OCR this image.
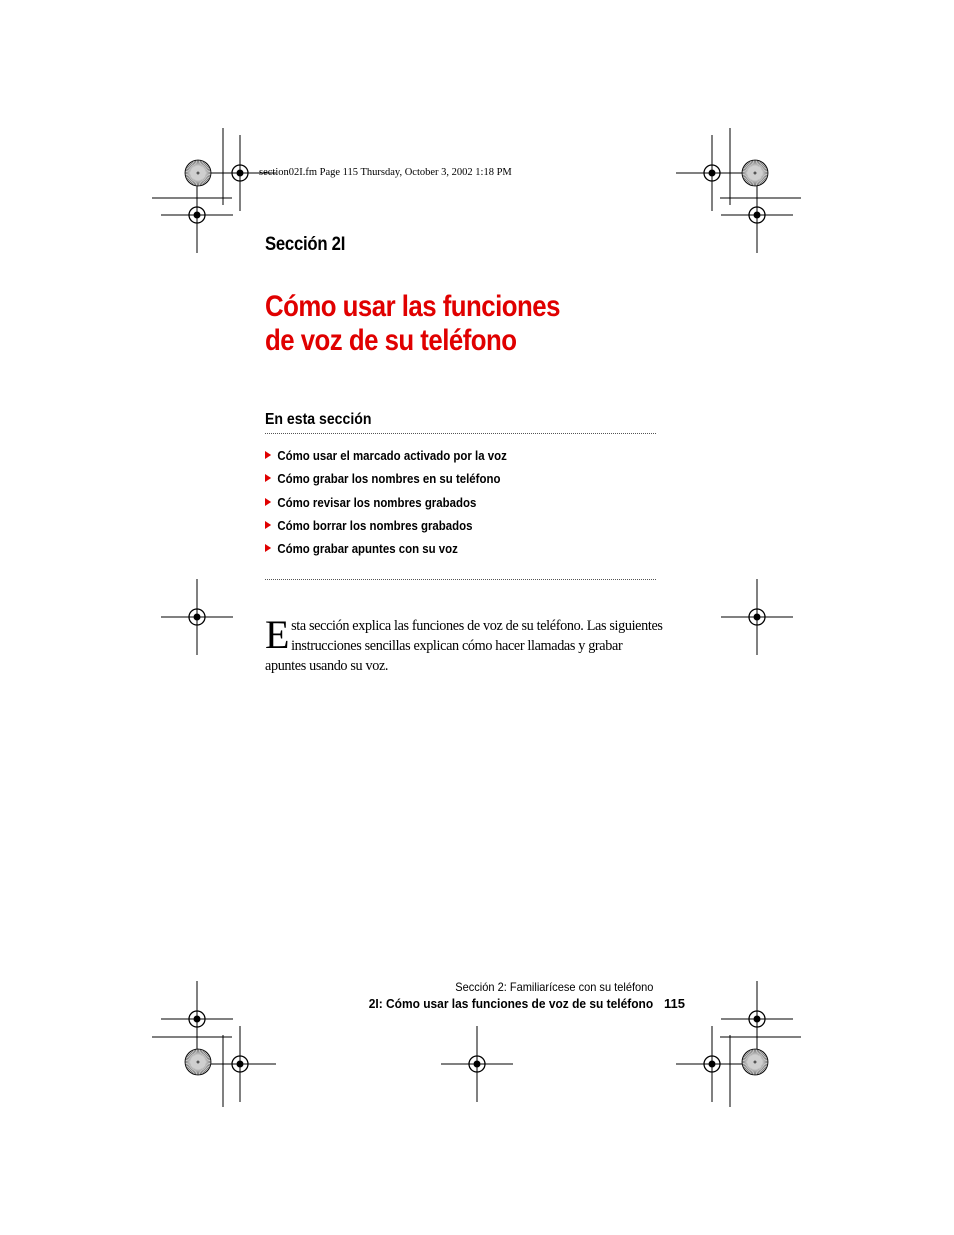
section02I.fm Page 115 Thursday, October 3, 2002 1:18 PM
Sección 2I
Cómo usar las funciones
de voz de su teléfono
En esta sección
Cómo usar el marcado activado por la voz
Cómo grabar los nombres en su teléfono
Cómo revisar los nombres grabados
Cómo borrar los nombres grabados
Cómo grabar apuntes con su voz

Esta sección explica las funciones de voz de su teléfono. Las siguientes instrucciones sencillas explican cómo hacer llamadas y grabar apuntes usando su voz.

Sección 2: Familiarícese con su teléfono
2I: Cómo usar las funciones de voz de su teléfono 115
